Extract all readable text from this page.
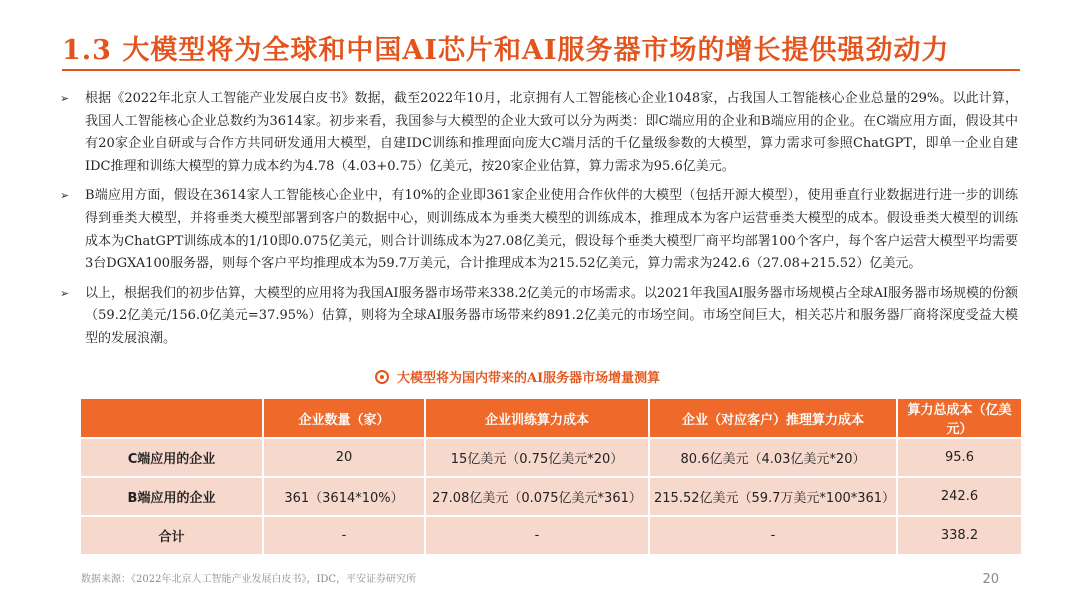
1.3 大模型将为全球和中国AI芯片和AI服务器市场的增长提供强劲动力
➢ 根据《2022年北京人工智能产业发展白皮书》数据，截至2022年10月，北京拥有人工智能核心企业1048家，占我国人工智能核心企业总量的29%。以此计算，我国人工智能核心企业总数约为3614家。初步来看，我国参与大模型的企业大致可以分为两类：即C端应用的企业和B端应用的企业。在C端应用方面，假设其中有20家企业自研或与合作方共同研发通用大模型，自建IDC训练和推理面向庞大C端月活的千亿量级参数的大模型，算力需求可参照ChatGPT，即单一企业自建IDC推理和训练大模型的算力成本约为4.78（4.03+0.75）亿美元，按20家企业估算，算力需求为95.6亿美元。
➢ B端应用方面，假设在3614家人工智能核心企业中，有10%的企业即361家企业使用合作伙伴的大模型（包括开源大模型），使用垂直行业数据进行进一步的训练得到垂类大模型，并将垂类大模型部署到客户的数据中心，则训练成本为垂类大模型的训练成本，推理成本为客户运营垂类大模型的成本。假设垂类大模型的训练成本为ChatGPT训练成本的1/10即0.075亿美元，则合计训练成本为27.08亿美元，假设每个垂类大模型厂商平均部署100个客户，每个客户运营大模型平均需要3台DGXA100服务器，则每个客户平均推理成本为59.7万美元，合计推理成本为215.52亿美元，算力需求为242.6（27.08+215.52）亿美元。
➢ 以上，根据我们的初步估算，大模型的应用将为我国AI服务器市场带来338.2亿美元的市场需求。以2021年我国AI服务器市场规模占全球AI服务器市场规模的份额（59.2亿美元/156.0亿美元=37.95%）估算，则将为全球AI服务器市场带来约891.2亿美元的市场空间。市场空间巨大，相关芯片和服务器厂商将深度受益大模型的发展浪潮。
大模型将为国内带来的AI服务器市场增量测算
	企业数量（家）	企业训练算力成本	企业（对应客户）推理算力成本	算力总成本（亿美元）
C端应用的企业	20	15亿美元（0.75亿美元*20）	80.6亿美元（4.03亿美元*20）	95.6
B端应用的企业	361（3614*10%）	27.08亿美元（0.075亿美元*361）	215.52亿美元（59.7万美元*100*361）	242.6
合计	-	-	-	338.2
数据来源：《2022年北京人工智能产业发展白皮书》，IDC，平安证券研究所	20
